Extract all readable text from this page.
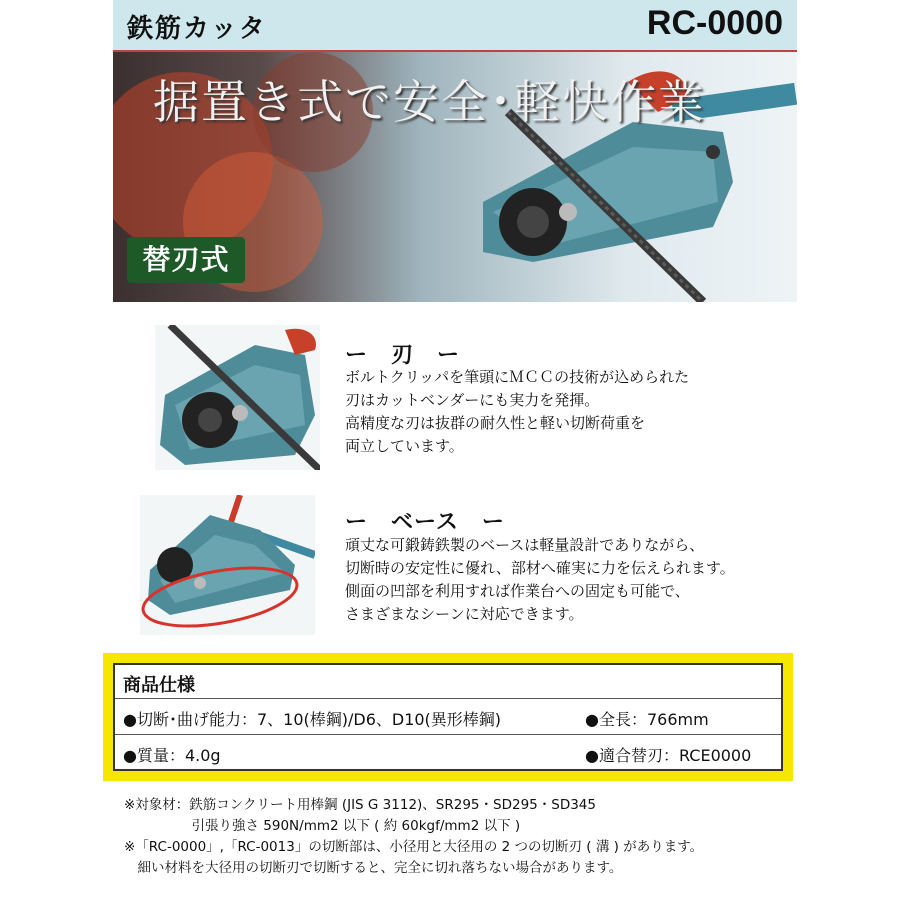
鉄筋カッタ	RC-0000
据置き式で安全･軽快作業
替刃式
ー　刃　ー
ボルトクリッパを筆頭にＭＣＣの技術が込められた
刃はカットベンダーにも実力を発揮。
高精度な刃は抜群の耐久性と軽い切断荷重を
両立しています。
ー　ベース　ー
頑丈な可鍛鋳鉄製のベースは軽量設計でありながら、
切断時の安定性に優れ、部材へ確実に力を伝えられます。
側面の凹部を利用すれば作業台への固定も可能で、
さまざまなシーンに対応できます。
商品仕様
●切断･曲げ能力：7、10(棒鋼)/D6、D10(異形棒鋼)	●全長：766mm
●質量：4.0g	●適合替刃：RCE0000
※対象材：鉄筋コンクリート用棒鋼 (JIS G 3112)、SR295・SD295・SD345
　　　　　引張り強さ 590N/mm2 以下 ( 約 60kgf/mm2 以下 )
※「RC-0000」,「RC-0013」の切断部は、小径用と大径用の 2 つの切断刃 ( 溝 ) があります。
　細い材料を大径用の切断刃で切断すると、完全に切れ落ちない場合があります。
